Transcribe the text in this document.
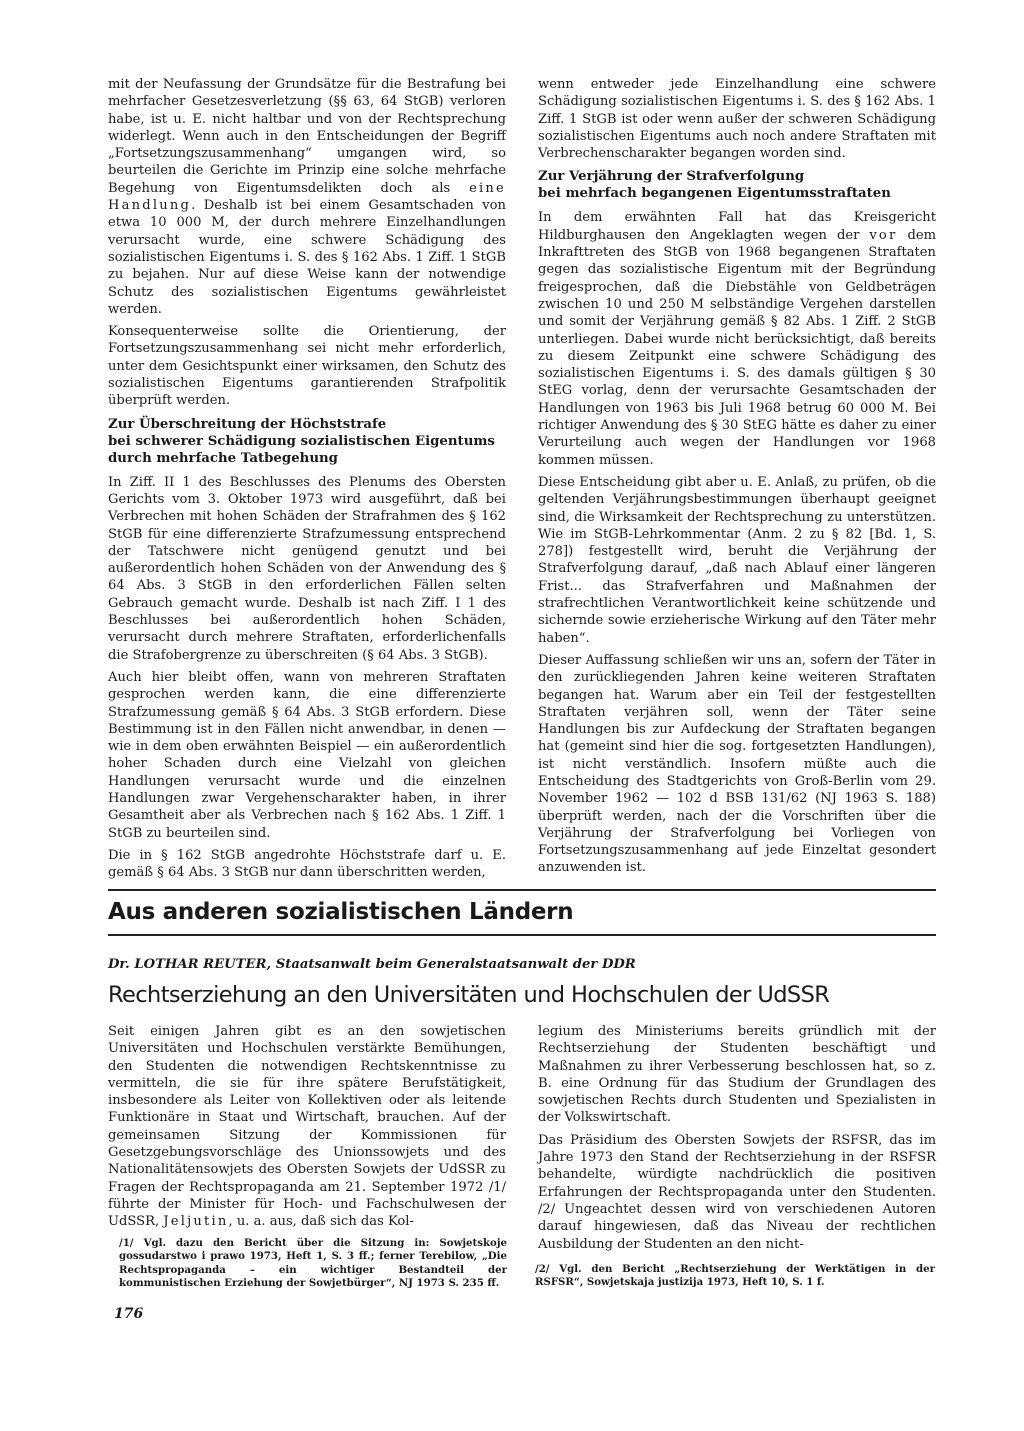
mit der Neufassung der Grundsätze für die Bestrafung bei mehrfacher Gesetzesverletzung (§§ 63, 64 StGB) verloren habe, ist u. E. nicht haltbar und von der Rechtsprechung widerlegt. Wenn auch in den Entscheidungen der Begriff „Fortsetzungszusammenhang“ umgangen wird, so beurteilen die Gerichte im Prinzip eine solche mehrfache Begehung von Eigentumsdelikten doch als eine Handlung. Deshalb ist bei einem Gesamtschaden von etwa 10 000 M, der durch mehrere Einzelhandlungen verursacht wurde, eine schwere Schädigung des sozialistischen Eigentums i. S. des § 162 Abs. 1 Ziff. 1 StGB zu bejahen. Nur auf diese Weise kann der notwendige Schutz des sozialistischen Eigentums gewährleistet werden.

Konsequenterweise sollte die Orientierung, der Fortsetzungszusammenhang sei nicht mehr erforderlich, unter dem Gesichtspunkt einer wirksamen, den Schutz des sozialistischen Eigentums garantierenden Strafpolitik überprüft werden.

Zur Überschreitung der Höchststrafe
bei schwerer Schädigung sozialistischen Eigentums
durch mehrfache Tatbegehung

In Ziff. II 1 des Beschlusses des Plenums des Obersten Gerichts vom 3. Oktober 1973 wird ausgeführt, daß bei Verbrechen mit hohen Schäden der Strafrahmen des § 162 StGB für eine differenzierte Strafzumessung entsprechend der Tatschwere nicht genügend genutzt und bei außerordentlich hohen Schäden von der Anwendung des § 64 Abs. 3 StGB in den erforderlichen Fällen selten Gebrauch gemacht wurde. Deshalb ist nach Ziff. I 1 des Beschlusses bei außerordentlich hohen Schäden, verursacht durch mehrere Straftaten, erforderlichenfalls die Strafobergrenze zu überschreiten (§ 64 Abs. 3 StGB).

Auch hier bleibt offen, wann von mehreren Straftaten gesprochen werden kann, die eine differenzierte Strafzumessung gemäß § 64 Abs. 3 StGB erfordern. Diese Bestimmung ist in den Fällen nicht anwendbar, in denen — wie in dem oben erwähnten Beispiel — ein außerordentlich hoher Schaden durch eine Vielzahl von gleichen Handlungen verursacht wurde und die einzelnen Handlungen zwar Vergehenscharakter haben, in ihrer Gesamtheit aber als Verbrechen nach § 162 Abs. 1 Ziff. 1 StGB zu beurteilen sind.

Die in § 162 StGB angedrohte Höchststrafe darf u. E. gemäß § 64 Abs. 3 StGB nur dann überschritten werden,

wenn entweder jede Einzelhandlung eine schwere Schädigung sozialistischen Eigentums i. S. des § 162 Abs. 1 Ziff. 1 StGB ist oder wenn außer der schweren Schädigung sozialistischen Eigentums auch noch andere Straftaten mit Verbrechenscharakter begangen worden sind.

Zur Verjährung der Strafverfolgung
bei mehrfach begangenen Eigentumsstraftaten

In dem erwähnten Fall hat das Kreisgericht Hildburghausen den Angeklagten wegen der vor dem Inkrafttreten des StGB von 1968 begangenen Straftaten gegen das sozialistische Eigentum mit der Begründung freigesprochen, daß die Diebstähle von Geldbeträgen zwischen 10 und 250 M selbständige Vergehen darstellen und somit der Verjährung gemäß § 82 Abs. 1 Ziff. 2 StGB unterliegen. Dabei wurde nicht berücksichtigt, daß bereits zu diesem Zeitpunkt eine schwere Schädigung des sozialistischen Eigentums i. S. des damals gültigen § 30 StEG vorlag, denn der verursachte Gesamtschaden der Handlungen von 1963 bis Juli 1968 betrug 60 000 M. Bei richtiger Anwendung des § 30 StEG hätte es daher zu einer Verurteilung auch wegen der Handlungen vor 1968 kommen müssen.

Diese Entscheidung gibt aber u. E. Anlaß, zu prüfen, ob die geltenden Verjährungsbestimmungen überhaupt geeignet sind, die Wirksamkeit der Rechtsprechung zu unterstützen. Wie im StGB-Lehrkommentar (Anm. 2 zu § 82 [Bd. 1, S. 278]) festgestellt wird, beruht die Verjährung der Strafverfolgung darauf, „daß nach Ablauf einer längeren Frist... das Strafverfahren und Maßnahmen der strafrechtlichen Verantwortlichkeit keine schützende und sichernde sowie erzieherische Wirkung auf den Täter mehr haben“.

Dieser Auffassung schließen wir uns an, sofern der Täter in den zurückliegenden Jahren keine weiteren Straftaten begangen hat. Warum aber ein Teil der festgestellten Straftaten verjähren soll, wenn der Täter seine Handlungen bis zur Aufdeckung der Straftaten begangen hat (gemeint sind hier die sog. fortgesetzten Handlungen), ist nicht verständlich. Insofern müßte auch die Entscheidung des Stadtgerichts von Groß-Berlin vom 29. November 1962 — 102 d BSB 131/62 (NJ 1963 S. 188) überprüft werden, nach der die Vorschriften über die Verjährung der Strafverfolgung bei Vorliegen von Fortsetzungszusammenhang auf jede Einzeltat gesondert anzuwenden ist.

Aus anderen sozialistischen Ländern
Dr. LOTHAR REUTER, Staatsanwalt beim Generalstaatsanwalt der DDR
Rechtserziehung an den Universitäten und Hochschulen der UdSSR

Seit einigen Jahren gibt es an den sowjetischen Universitäten und Hochschulen verstärkte Bemühungen, den Studenten die notwendigen Rechtskenntnisse zu vermitteln, die sie für ihre spätere Berufstätigkeit, insbesondere als Leiter von Kollektiven oder als leitende Funktionäre in Staat und Wirtschaft, brauchen. Auf der gemeinsamen Sitzung der Kommissionen für Gesetzgebungsvorschläge des Unionssowjets und des Nationalitätensowjets des Obersten Sowjets der UdSSR zu Fragen der Rechtspropaganda am 21. September 1972 /1/ führte der Minister für Hoch- und Fachschulwesen der UdSSR, Jeljutin, u. a. aus, daß sich das Kol-

legium des Ministeriums bereits gründlich mit der Rechtserziehung der Studenten beschäftigt und Maßnahmen zu ihrer Verbesserung beschlossen hat, so z. B. eine Ordnung für das Studium der Grundlagen des sowjetischen Rechts durch Studenten und Spezialisten in der Volkswirtschaft.

Das Präsidium des Obersten Sowjets der RSFSR, das im Jahre 1973 den Stand der Rechtserziehung in der RSFSR behandelte, würdigte nachdrücklich die positiven Erfahrungen der Rechtspropaganda unter den Studenten. /2/ Ungeachtet dessen wird von verschiedenen Autoren darauf hingewiesen, daß das Niveau der rechtlichen Ausbildung der Studenten an den nicht-

/1/ Vgl. dazu den Bericht über die Sitzung in: Sowjetskoje gossudarstwo i prawo 1973, Heft 1, S. 3 ff.; ferner Terebilow, „Die Rechtspropaganda – ein wichtiger Bestandteil der kommunistischen Erziehung der Sowjetbürger“, NJ 1973 S. 235 ff.
/2/ Vgl. den Bericht „Rechtserziehung der Werktätigen in der RSFSR“, Sowjetskaja justizija 1973, Heft 10, S. 1 f.
176
